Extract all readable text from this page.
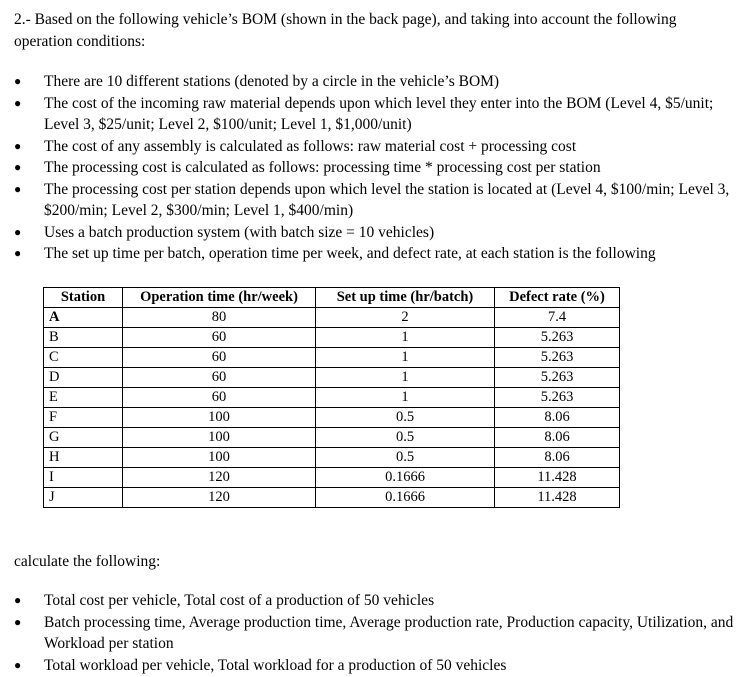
2.- Based on the following vehicle’s BOM (shown in the back page), and taking into account the following operation conditions:
●	There are 10 different stations (denoted by a circle in the vehicle’s BOM)
●	The cost of the incoming raw material depends upon which level they enter into the BOM (Level 4, $5/unit; Level 3, $25/unit; Level 2, $100/unit; Level 1, $1,000/unit)
●	The cost of any assembly is calculated as follows: raw material cost + processing cost
●	The processing cost is calculated as follows: processing time * processing cost per station
●	The processing cost per station depends upon which level the station is located at (Level 4, $100/min; Level 3, $200/min; Level 2, $300/min; Level 1, $400/min)
●	Uses a batch production system (with batch size = 10 vehicles)
●	The set up time per batch, operation time per week, and defect rate, at each station is the following
Station	Operation time (hr/week)	Set up time (hr/batch)	Defect rate (%)
A	80	2	7.4
B	60	1	5.263
C	60	1	5.263
D	60	1	5.263
E	60	1	5.263
F	100	0.5	8.06
G	100	0.5	8.06
H	100	0.5	8.06
I	120	0.1666	11.428
J	120	0.1666	11.428
calculate the following:
●	Total cost per vehicle, Total cost of a production of 50 vehicles
●	Batch processing time, Average production time, Average production rate, Production capacity, Utilization, and Workload per station
●	Total workload per vehicle, Total workload for a production of 50 vehicles
